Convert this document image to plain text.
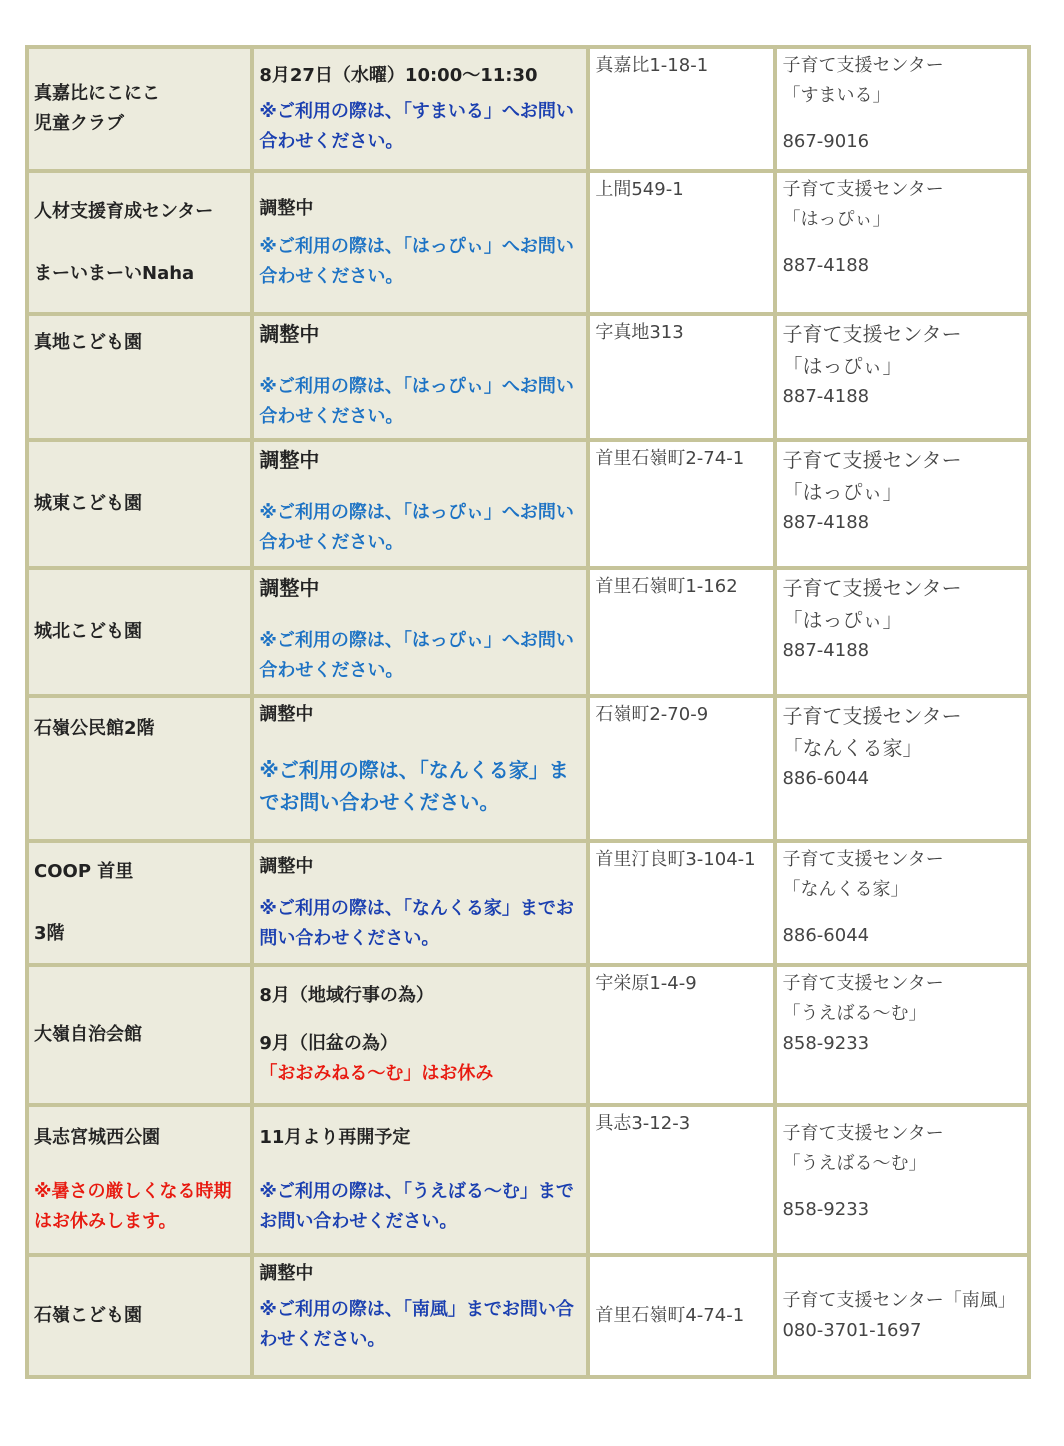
真嘉比にこにこ
児童クラブ	8月27日（水曜）10:00～11:30
※ご利用の際は、「すまいる」へお問い合わせください。	真嘉比1-18-1	子育て支援センター
「すまいる」
867-9016

人材支援育成センター
まーいまーいNaha	調整中
※ご利用の際は、「はっぴぃ」へお問い合わせください。	上間549-1	子育て支援センター
「はっぴぃ」
887-4188

真地こども園	調整中
※ご利用の際は、「はっぴぃ」へお問い合わせください。	字真地313	子育て支援センター
「はっぴぃ」
887-4188

城東こども園	調整中
※ご利用の際は、「はっぴぃ」へお問い合わせください。	首里石嶺町2-74-1	子育て支援センター
「はっぴぃ」
887-4188

城北こども園	調整中
※ご利用の際は、「はっぴぃ」へお問い合わせください。	首里石嶺町1-162	子育て支援センター
「はっぴぃ」
887-4188

石嶺公民館2階	調整中
※ご利用の際は、「なんくる家」までお問い合わせください。	石嶺町2-70-9	子育て支援センター
「なんくる家」
886-6044

COOP 首里
3階	調整中
※ご利用の際は、「なんくる家」までお問い合わせください。	首里汀良町3-104-1	子育て支援センター
「なんくる家」
886-6044

大嶺自治会館	8月（地域行事の為）
9月（旧盆の為）
「おおみねる～む」はお休み	宇栄原1-4-9	子育て支援センター
「うえばる～む」
858-9233

具志宮城西公園
※暑さの厳しくなる時期はお休みします。	11月より再開予定
※ご利用の際は、「うえばる～む」までお問い合わせください。	具志3-12-3	子育て支援センター
「うえばる～む」
858-9233

石嶺こども園	調整中
※ご利用の際は、「南風」までお問い合わせください。	首里石嶺町4-74-1	子育て支援センター「南風」080-3701-1697
